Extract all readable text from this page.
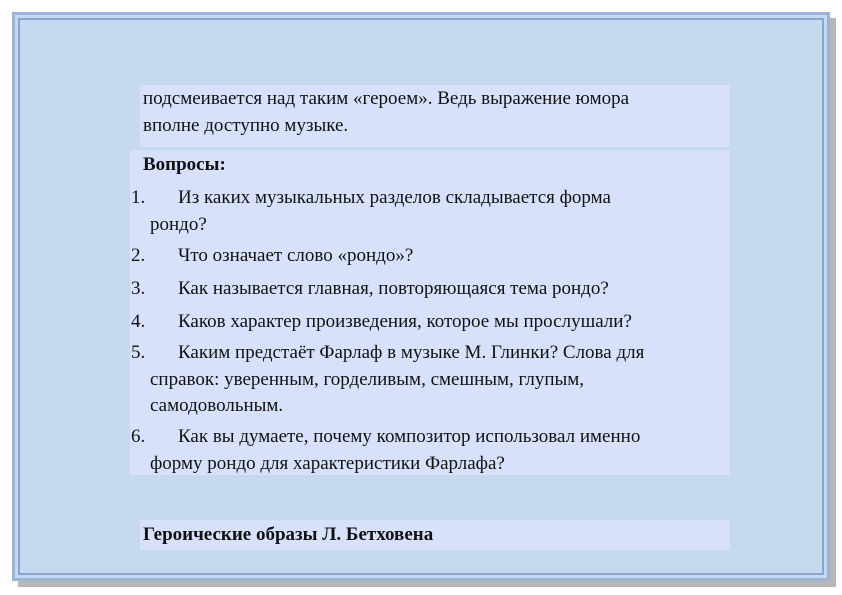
подсмеивается над таким «героем». Ведь выражение юмора
вполне доступно музыке.
Вопросы:
1. Из каких музыкальных разделов складывается форма
рондо?
2. Что означает слово «рондо»?
3. Как называется главная, повторяющаяся тема рондо?
4. Каков характер произведения, которое мы прослушали?
5. Каким предстаёт Фарлаф в музыке М. Глинки? Слова для
справок: уверенным, горделивым, смешным, глупым,
самодовольным.
6. Как вы думаете, почему композитор использовал именно
форму рондо для характеристики Фарлафа?
Героические образы Л. Бетховена
